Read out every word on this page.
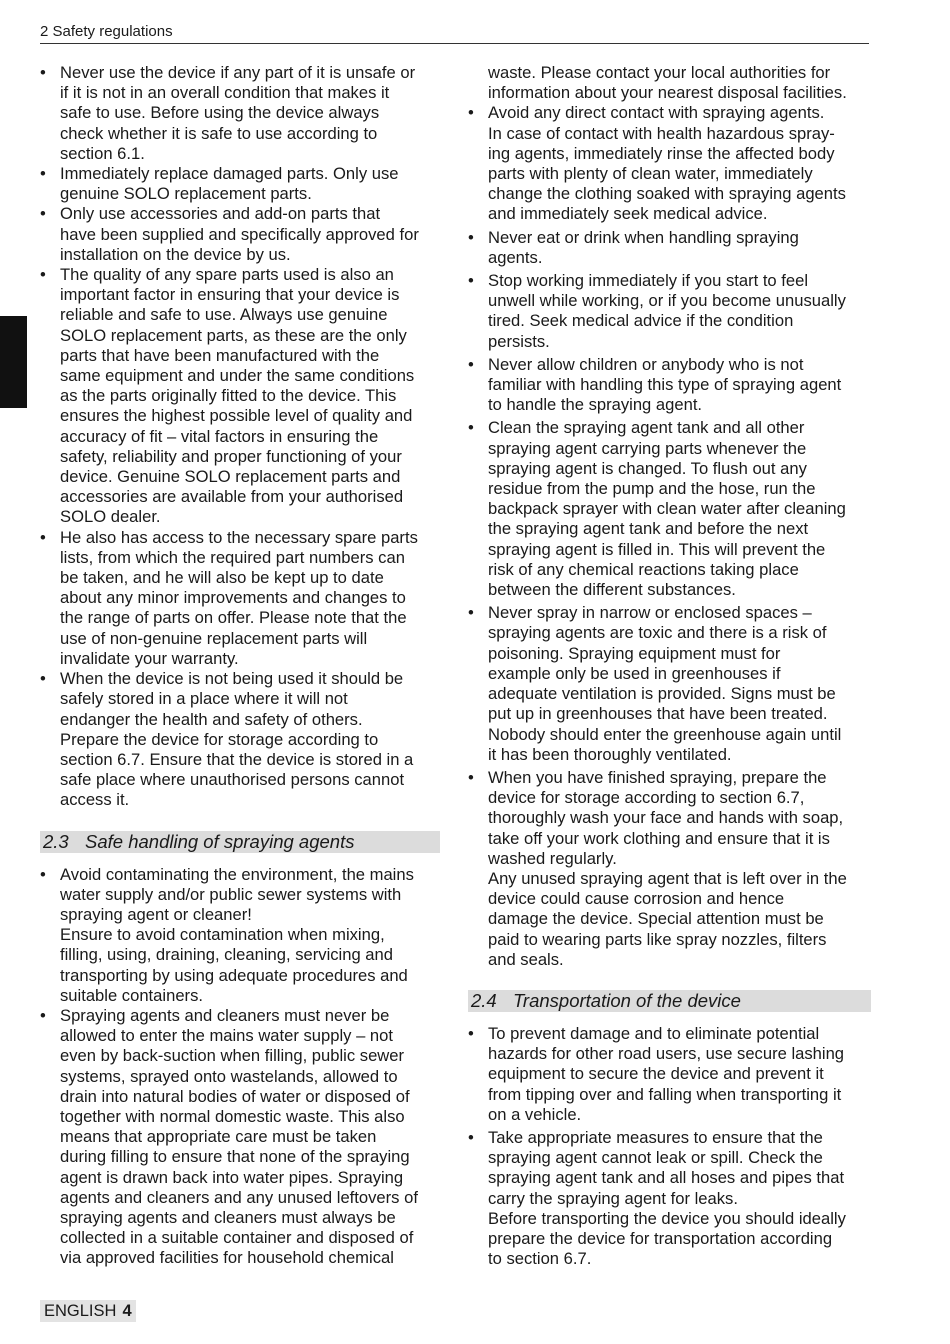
2 Safety regulations
• Never use the device if any part of it is unsafe or
if it is not in an overall condition that makes it
safe to use. Before using the device always
check whether it is safe to use according to
section 6.1.
• Immediately replace damaged parts. Only use
genuine SOLO replacement parts.
• Only use accessories and add-on parts that
have been supplied and specifically approved for
installation on the device by us.
• The quality of any spare parts used is also an
important factor in ensuring that your device is
reliable and safe to use. Always use genuine
SOLO replacement parts, as these are the only
parts that have been manufactured with the
same equipment and under the same conditions
as the parts originally fitted to the device. This
ensures the highest possible level of quality and
accuracy of fit – vital factors in ensuring the
safety, reliability and proper functioning of your
device. Genuine SOLO replacement parts and
accessories are available from your authorised
SOLO dealer.
• He also has access to the necessary spare parts
lists, from which the required part numbers can
be taken, and he will also be kept up to date
about any minor improvements and changes to
the range of parts on offer. Please note that the
use of non-genuine replacement parts will
invalidate your warranty.
• When the device is not being used it should be
safely stored in a place where it will not
endanger the health and safety of others.
Prepare the device for storage according to
section 6.7. Ensure that the device is stored in a
safe place where unauthorised persons cannot
access it.
2.3 Safe handling of spraying agents
• Avoid contaminating the environment, the mains
water supply and/or public sewer systems with
spraying agent or cleaner!
Ensure to avoid contamination when mixing,
filling, using, draining, cleaning, servicing and
transporting by using adequate procedures and
suitable containers.
• Spraying agents and cleaners must never be
allowed to enter the mains water supply – not
even by back-suction when filling, public sewer
systems, sprayed onto wastelands, allowed to
drain into natural bodies of water or disposed of
together with normal domestic waste. This also
means that appropriate care must be taken
during filling to ensure that none of the spraying
agent is drawn back into water pipes. Spraying
agents and cleaners and any unused leftovers of
spraying agents and cleaners must always be
collected in a suitable container and disposed of
via approved facilities for household chemical
waste. Please contact your local authorities for
information about your nearest disposal facilities.
• Avoid any direct contact with spraying agents.
In case of contact with health hazardous spray-
ing agents, immediately rinse the affected body
parts with plenty of clean water, immediately
change the clothing soaked with spraying agents
and immediately seek medical advice.
• Never eat or drink when handling spraying
agents.
• Stop working immediately if you start to feel
unwell while working, or if you become unusually
tired. Seek medical advice if the condition
persists.
• Never allow children or anybody who is not
familiar with handling this type of spraying agent
to handle the spraying agent.
• Clean the spraying agent tank and all other
spraying agent carrying parts whenever the
spraying agent is changed. To flush out any
residue from the pump and the hose, run the
backpack sprayer with clean water after cleaning
the spraying agent tank and before the next
spraying agent is filled in. This will prevent the
risk of any chemical reactions taking place
between the different substances.
• Never spray in narrow or enclosed spaces –
spraying agents are toxic and there is a risk of
poisoning. Spraying equipment must for
example only be used in greenhouses if
adequate ventilation is provided. Signs must be
put up in greenhouses that have been treated.
Nobody should enter the greenhouse again until
it has been thoroughly ventilated.
• When you have finished spraying, prepare the
device for storage according to section 6.7,
thoroughly wash your face and hands with soap,
take off your work clothing and ensure that it is
washed regularly.
Any unused spraying agent that is left over in the
device could cause corrosion and hence
damage the device. Special attention must be
paid to wearing parts like spray nozzles, filters
and seals.
2.4 Transportation of the device
• To prevent damage and to eliminate potential
hazards for other road users, use secure lashing
equipment to secure the device and prevent it
from tipping over and falling when transporting it
on a vehicle.
• Take appropriate measures to ensure that the
spraying agent cannot leak or spill. Check the
spraying agent tank and all hoses and pipes that
carry the spraying agent for leaks.
Before transporting the device you should ideally
prepare the device for transportation according
to section 6.7.
ENGLISH 4
